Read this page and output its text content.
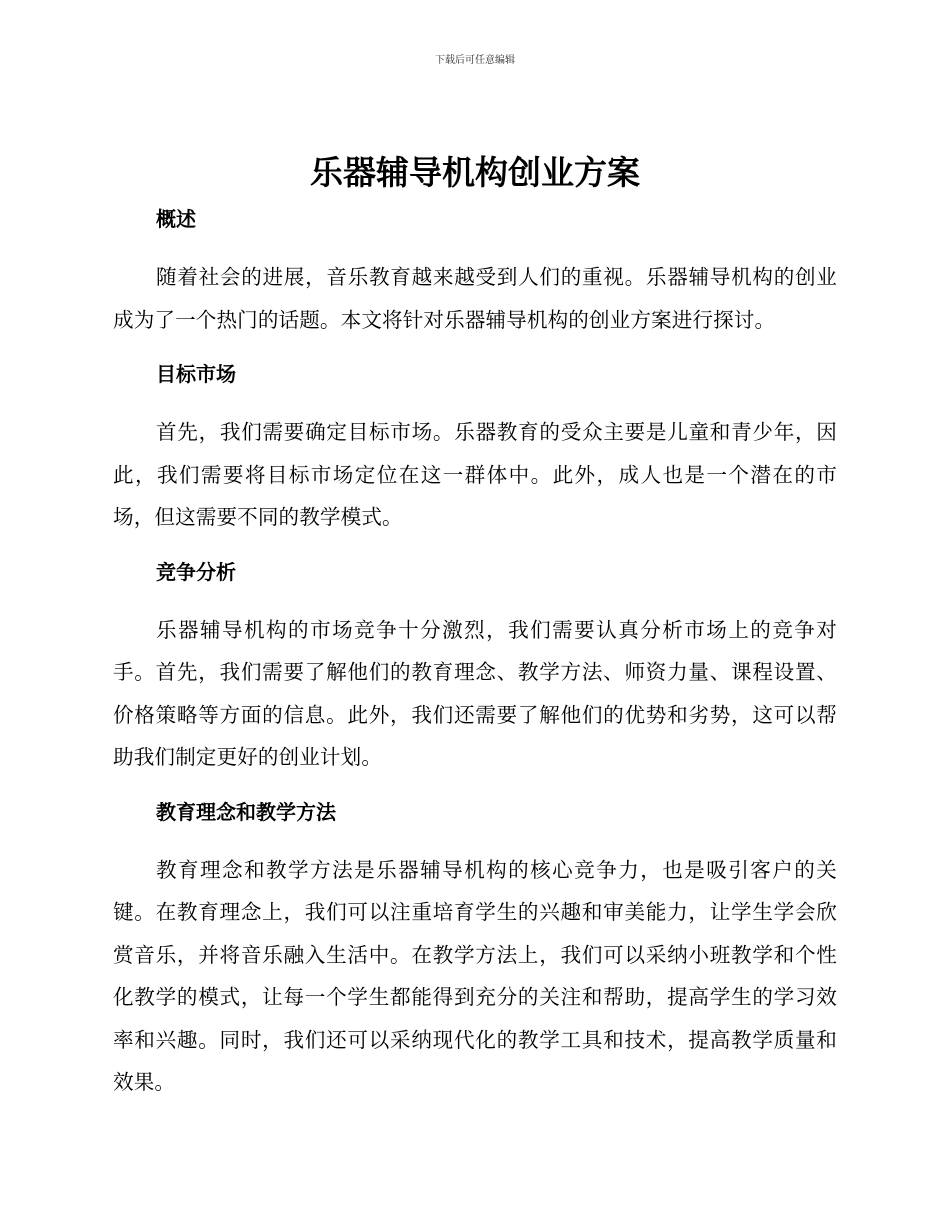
下载后可任意编辑
乐器辅导机构创业方案
概述

随着社会的进展，音乐教育越来越受到人们的重视。乐器辅导机构的创业成为了一个热门的话题。本文将针对乐器辅导机构的创业方案进行探讨。

目标市场

首先，我们需要确定目标市场。乐器教育的受众主要是儿童和青少年，因此，我们需要将目标市场定位在这一群体中。此外，成人也是一个潜在的市场，但这需要不同的教学模式。

竞争分析

乐器辅导机构的市场竞争十分激烈，我们需要认真分析市场上的竞争对手。首先，我们需要了解他们的教育理念、教学方法、师资力量、课程设置、价格策略等方面的信息。此外，我们还需要了解他们的优势和劣势，这可以帮助我们制定更好的创业计划。

教育理念和教学方法

教育理念和教学方法是乐器辅导机构的核心竞争力，也是吸引客户的关键。在教育理念上，我们可以注重培育学生的兴趣和审美能力，让学生学会欣赏音乐，并将音乐融入生活中。在教学方法上，我们可以采纳小班教学和个性化教学的模式，让每一个学生都能得到充分的关注和帮助，提高学生的学习效率和兴趣。同时，我们还可以采纳现代化的教学工具和技术，提高教学质量和效果。
